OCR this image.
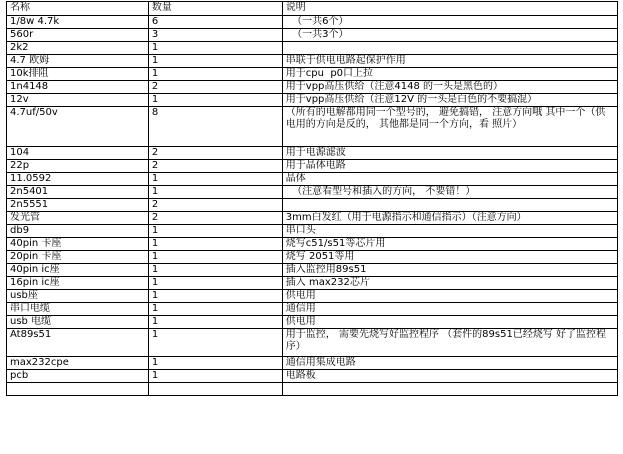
名称	数量	说明
1/8w 4.7k	6	（一共6个）
560r	3	（一共3个）
2k2	1	
4.7 欧姆	1	串联于供电电路起保护作用
10k排阻	1	用于cpu  p0口上拉
1n4148	2	用于vpp高压供给（注意4148 的一头是黑色的）
12v	1	用于vpp高压供给（注意12V 的一头是白色的不要搞混）
4.7uf/50v	8	（所有的电解都用同一个型号的， 避免搞错， 注意方向哦 其中一个（供电用的方向是反的， 其他都是同一个方向，看 照片）
104	2	用于电源滤波
22p	2	用于晶体电路
11.0592	1	晶体
2n5401	1	（注意看型号和插入的方向， 不要错！）
2n5551	2	
发光管	2	3mm白发红（用于电源指示和通信指示）（注意方向）
db9	1	串口头
40pin 卡座	1	烧写c51/s51等芯片用
20pin 卡座	1	烧写 2051等用
40pin ic座	1	插入监控用89s51
16pin ic座	1	插入 max232芯片
usb座	1	供电用
串口电缆	1	通信用
usb 电缆	1	供电用
At89s51	1	用于监控， 需要先烧写好监控程序 （套件的89s51已经烧写 好了监控程序）
max232cpe	1	通信用集成电路
pcb	1	电路板
